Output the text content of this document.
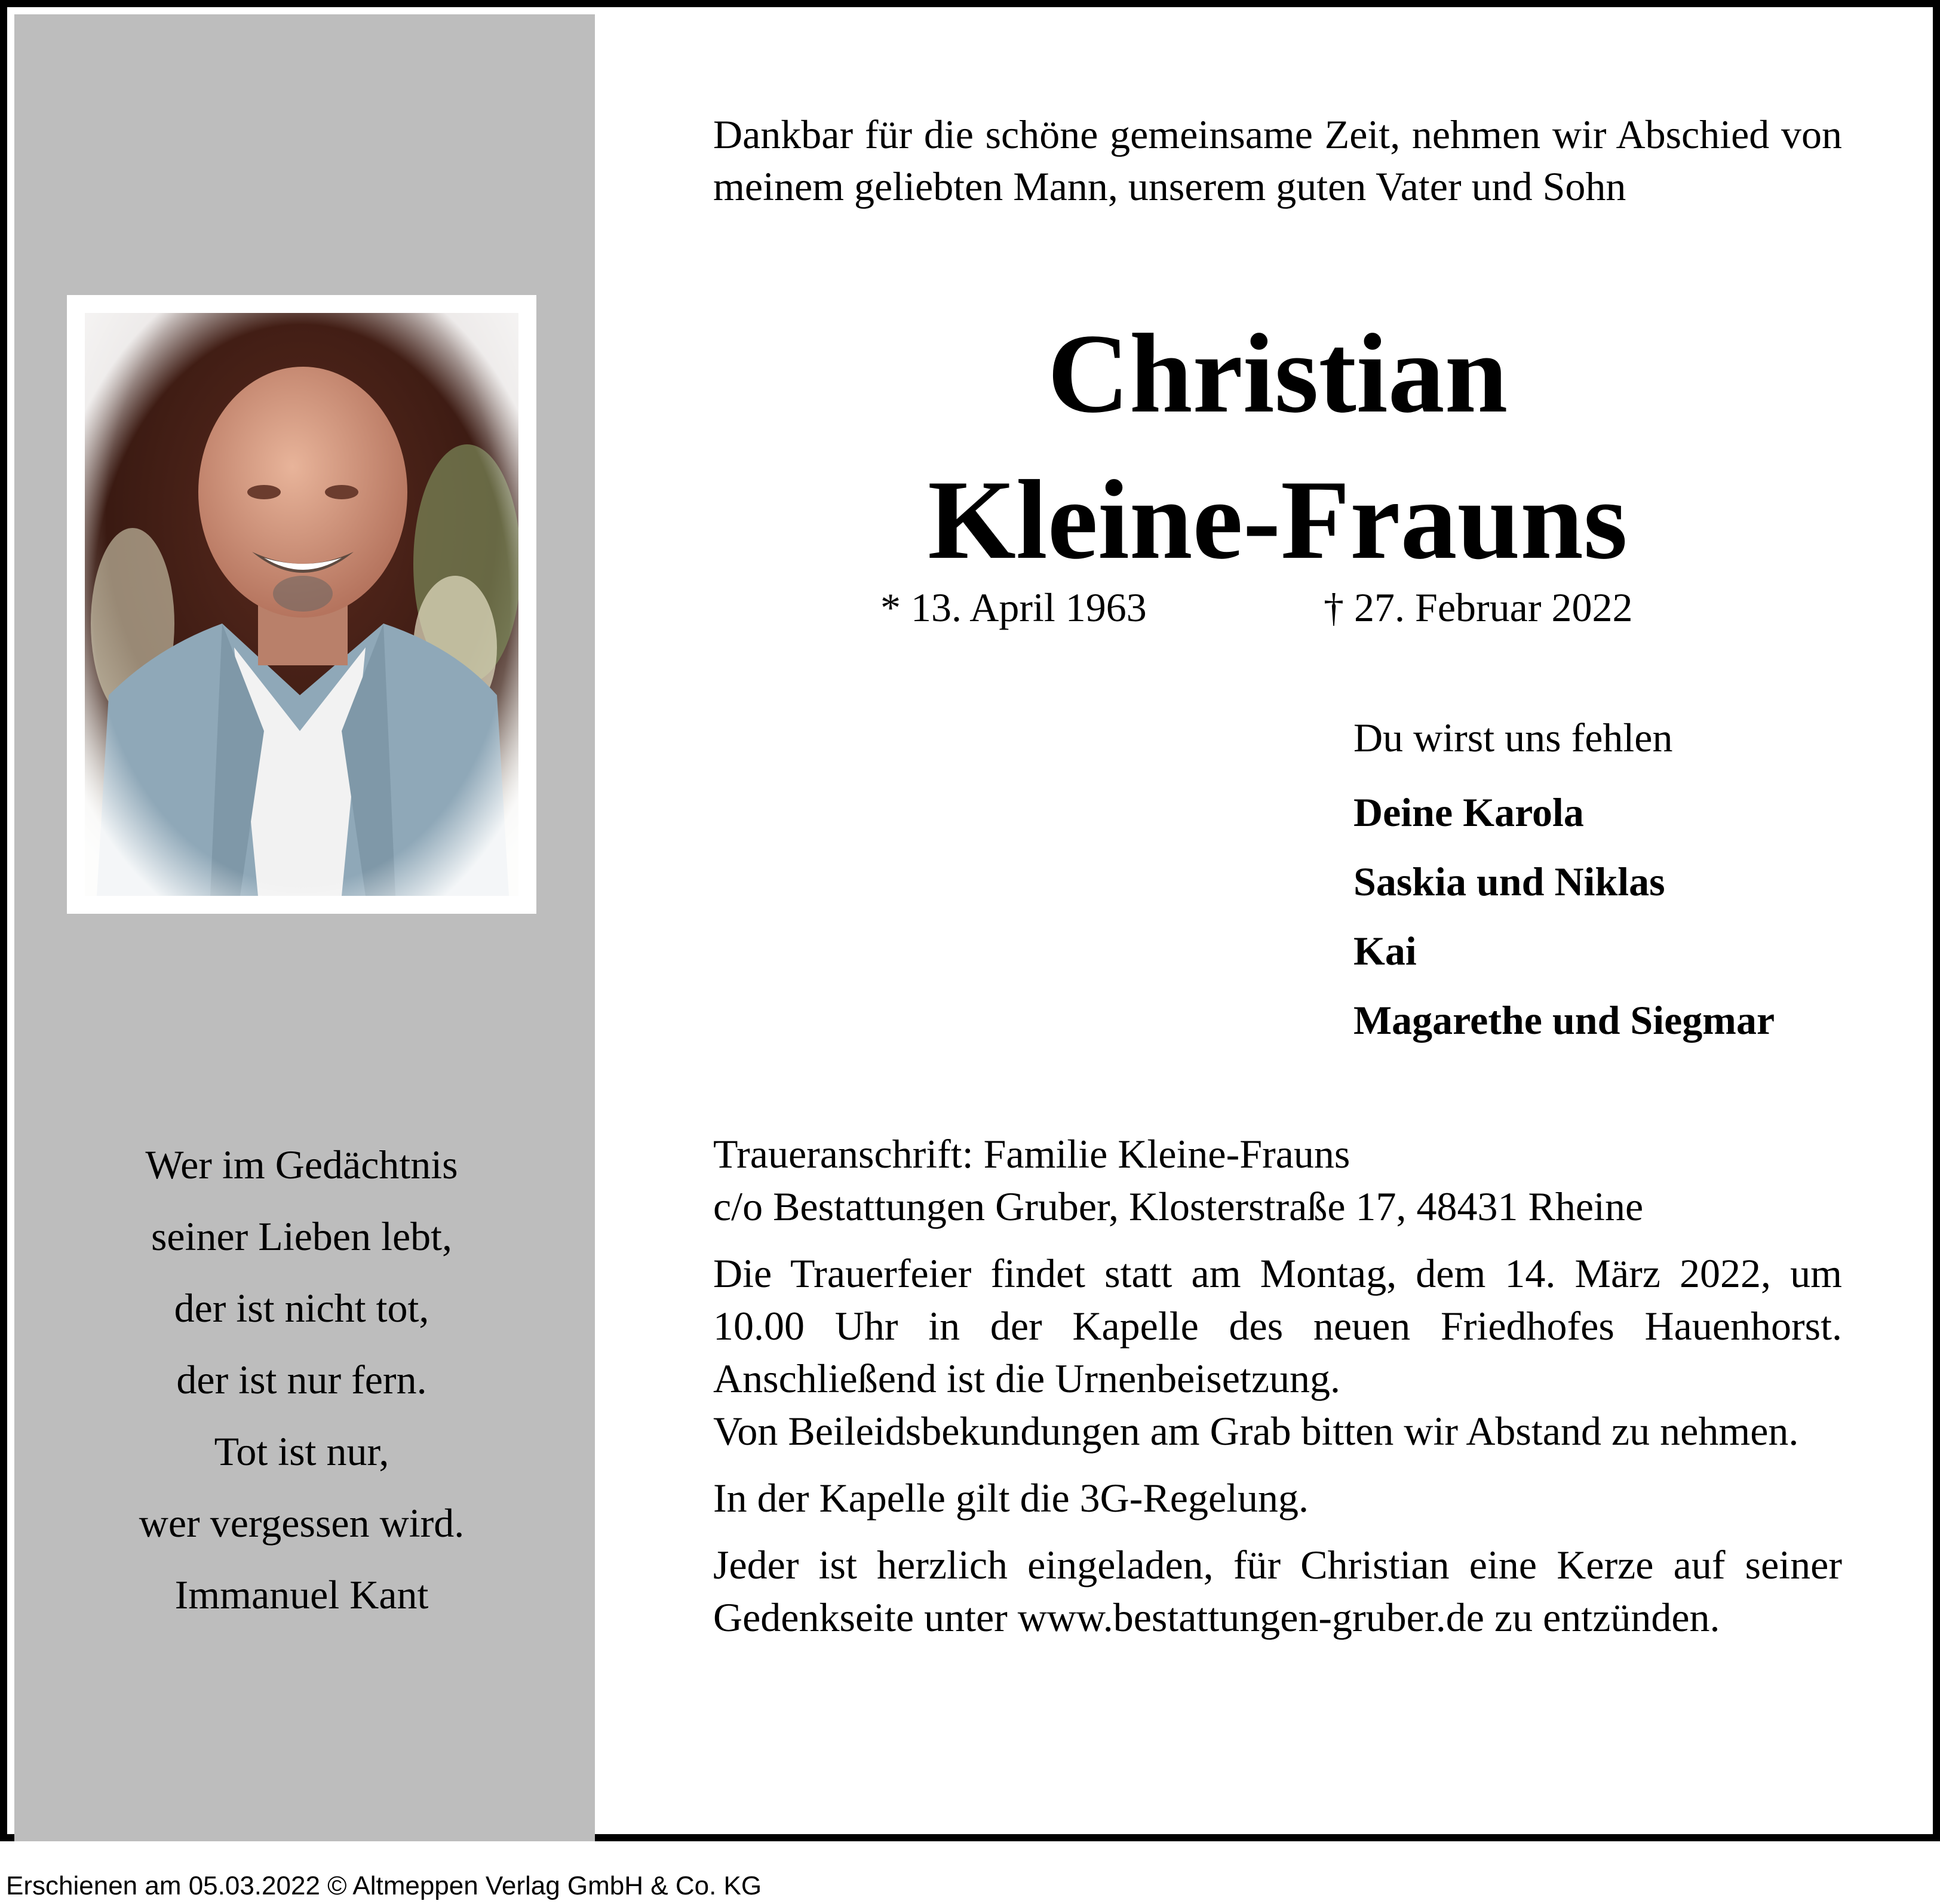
Dankbar für die schöne gemeinsame Zeit, nehmen wir Abschied von meinem geliebten Mann, unserem guten Vater und Sohn
Christian
Kleine-Frauns
* 13. April 1963	† 27. Februar 2022
Du wirst uns fehlen
Deine Karola
Saskia und Niklas
Kai
Magarethe und Siegmar
Wer im Gedächtnis
seiner Lieben lebt,
der ist nicht tot,
der ist nur fern.
Tot ist nur,
wer vergessen wird.
Immanuel Kant

Traueranschrift: Familie Kleine-Frauns
c/o Bestattungen Gruber, Klosterstraße 17, 48431 Rheine

Die Trauerfeier findet statt am Montag, dem 14. März 2022, um 10.00 Uhr in der Kapelle des neuen Friedhofes Hauenhorst. Anschließend ist die Urnenbeisetzung.
Von Beileidsbekundungen am Grab bitten wir Abstand zu nehmen.

In der Kapelle gilt die 3G-Regelung.

Jeder ist herzlich eingeladen, für Christian eine Kerze auf seiner Gedenkseite unter www.bestattungen-gruber.de zu entzünden.

Erschienen am 05.03.2022 © Altmeppen Verlag GmbH & Co. KG
